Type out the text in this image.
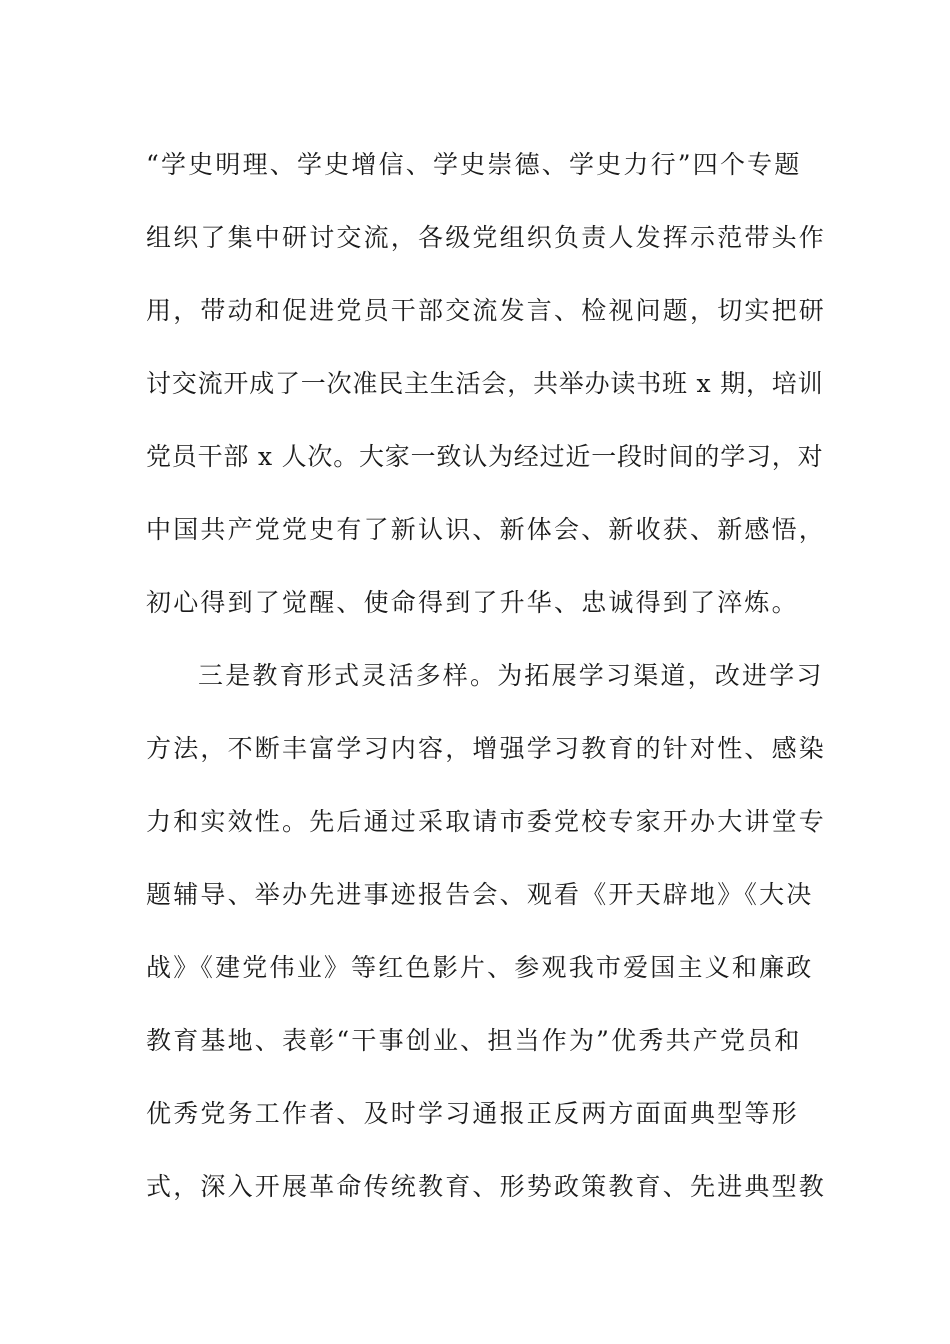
“学史明理、学史增信、学史崇德、学史力行”四个专题
组织了集中研讨交流，各级党组织负责人发挥示范带头作
用，带动和促进党员干部交流发言、检视问题，切实把研
讨交流开成了一次准民主生活会，共举办读书班 x 期，培训
党员干部 x 人次。大家一致认为经过近一段时间的学习，对
中国共产党党史有了新认识、新体会、新收获、新感悟，
初心得到了觉醒、使命得到了升华、忠诚得到了淬炼。
三是教育形式灵活多样。为拓展学习渠道，改进学习
方法，不断丰富学习内容，增强学习教育的针对性、感染
力和实效性。先后通过采取请市委党校专家开办大讲堂专
题辅导、举办先进事迹报告会、观看《开天辟地》《大决
战》《建党伟业》等红色影片、参观我市爱国主义和廉政
教育基地、表彰“干事创业、担当作为”优秀共产党员和
优秀党务工作者、及时学习通报正反两方面面典型等形
式，深入开展革命传统教育、形势政策教育、先进典型教
